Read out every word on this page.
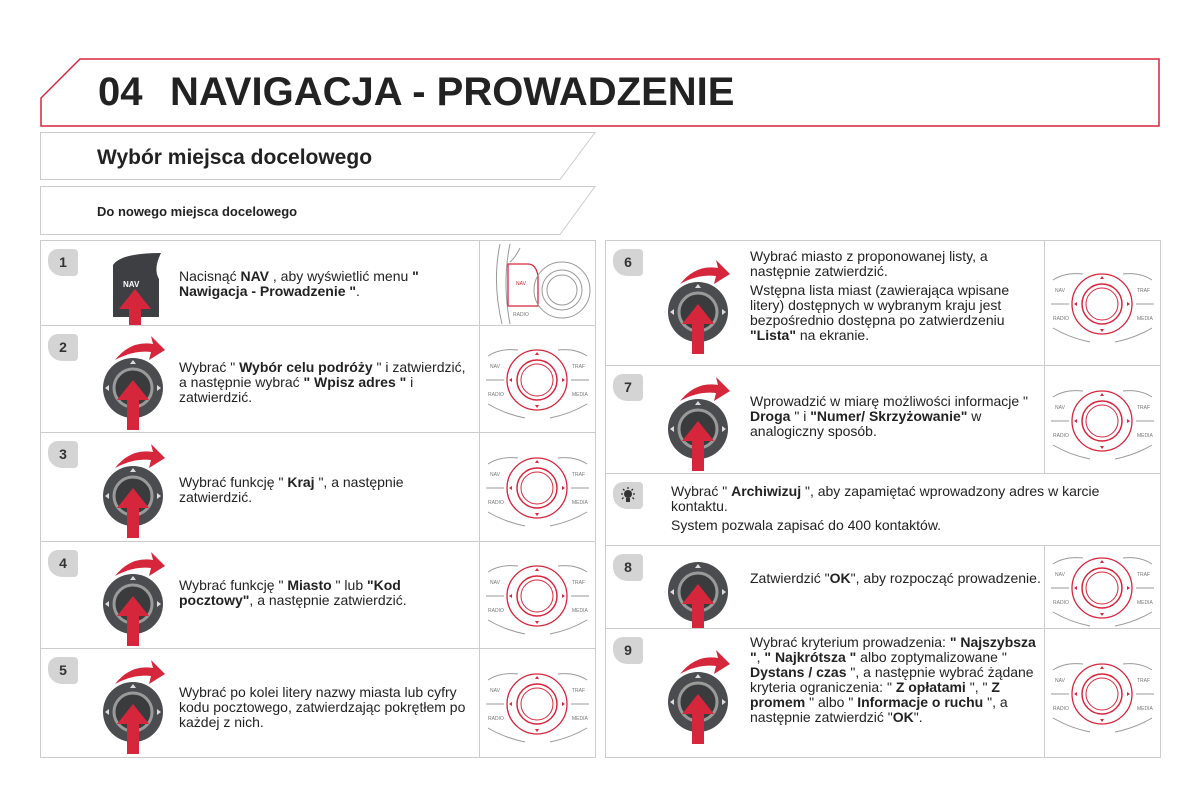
04 NAVIGACJA - PROWADZENIE
Wybór miejsca docelowego
Do nowego miejsca docelowego
1
NAV

Nacisnąć NAV , aby wyświetlić menu " Nawigacja - Prowadzenie ".	NAV
RADIO
2

Wybrać " Wybór celu podróży " i zatwierdzić, a następnie wybrać " Wpisz adres " i zatwierdzić.

NAV	TRAF
RADIO	MEDIA
3

Wybrać funkcję " Kraj ", a następnie zatwierdzić.

NAV	TRAF
RADIO	MEDIA
4

Wybrać funkcję " Miasto " lub "Kod pocztowy", a następnie zatwierdzić.

NAV	TRAF
RADIO	MEDIA
5

Wybrać po kolei litery nazwy miasta lub cyfry kodu pocztowego, zatwierdzając pokrętłem po każdej z nich.

NAV	TRAF
RADIO	MEDIA
6	Wybrać miasto z proponowanej listy, a następnie zatwierdzić.

Wstępna lista miast (zawierająca wpisane litery) dostępnych w wybranym kraju jest bezpośrednio dostępna po zatwierdzeniu "Lista" na ekranie.

NAV	TRAF
RADIO	MEDIA
7

Wprowadzić w miarę możliwości informacje " Droga " i "Numer/ Skrzyżowanie" w analogiczny sposób.

NAV	TRAF
RADIO	MEDIA

Wybrać " Archiwizuj ", aby zapamiętać wprowadzony adres w karcie kontaktu.

System pozwala zapisać do 400 kontaktów.

8

Zatwierdzić "OK", aby rozpocząć prowadzenie.	NAV	TRAF
RADIO	MEDIA
9	Wybrać kryterium prowadzenia: " Najszybsza ", " Najkrótsza " albo zoptymalizowane " Dystans / czas ", a następnie wybrać żądane kryteria ograniczenia: " Z opłatami ", " Z promem " albo " Informacje o ruchu ", a następnie zatwierdzić "OK".

NAV	TRAF
RADIO	MEDIA
